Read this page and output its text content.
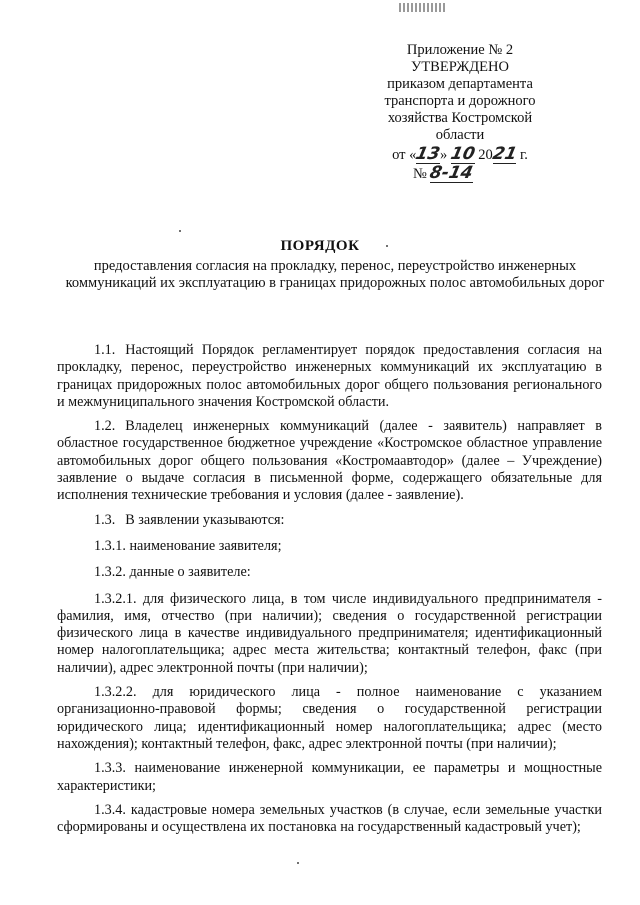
Приложение № 2
УТВЕРЖДЕНО
приказом департамента
транспорта и дорожного
хозяйства Костромской
области
от «13» 10 2021 г.
№ 8-14
ПОРЯДОК
предоставления согласия на прокладку, перенос, переустройство инженерных коммуникаций их эксплуатацию в границах придорожных полос автомобильных дорог

1.1. Настоящий Порядок регламентирует порядок предоставления согласия на прокладку, перенос, переустройство инженерных коммуникаций их эксплуатацию в границах придорожных полос автомобильных дорог общего пользования регионального и межмуниципального значения Костромской области.

1.2. Владелец инженерных коммуникаций (далее - заявитель) направляет в областное государственное бюджетное учреждение «Костромское областное управление автомобильных дорог общего пользования «Костромаавтодор» (далее – Учреждение) заявление о выдаче согласия в письменной форме, содержащего обязательные для исполнения технические требования и условия (далее - заявление).

1.3. В заявлении указываются:

1.3.1. наименование заявителя;

1.3.2. данные о заявителе:

1.3.2.1. для физического лица, в том числе индивидуального предпринимателя - фамилия, имя, отчество (при наличии); сведения о государственной регистрации физического лица в качестве индивидуального предпринимателя; идентификационный номер налогоплательщика; адрес места жительства; контактный телефон, факс (при наличии), адрес электронной почты (при наличии);

1.3.2.2. для юридического лица - полное наименование с указанием организационно-правовой формы; сведения о государственной регистрации юридического лица; идентификационный номер налогоплательщика; адрес (место нахождения); контактный телефон, факс, адрес электронной почты (при наличии);

1.3.3. наименование инженерной коммуникации, ее параметры и мощностные характеристики;

1.3.4. кадастровые номера земельных участков (в случае, если земельные участки сформированы и осуществлена их постановка на государственный кадастровый учет);
